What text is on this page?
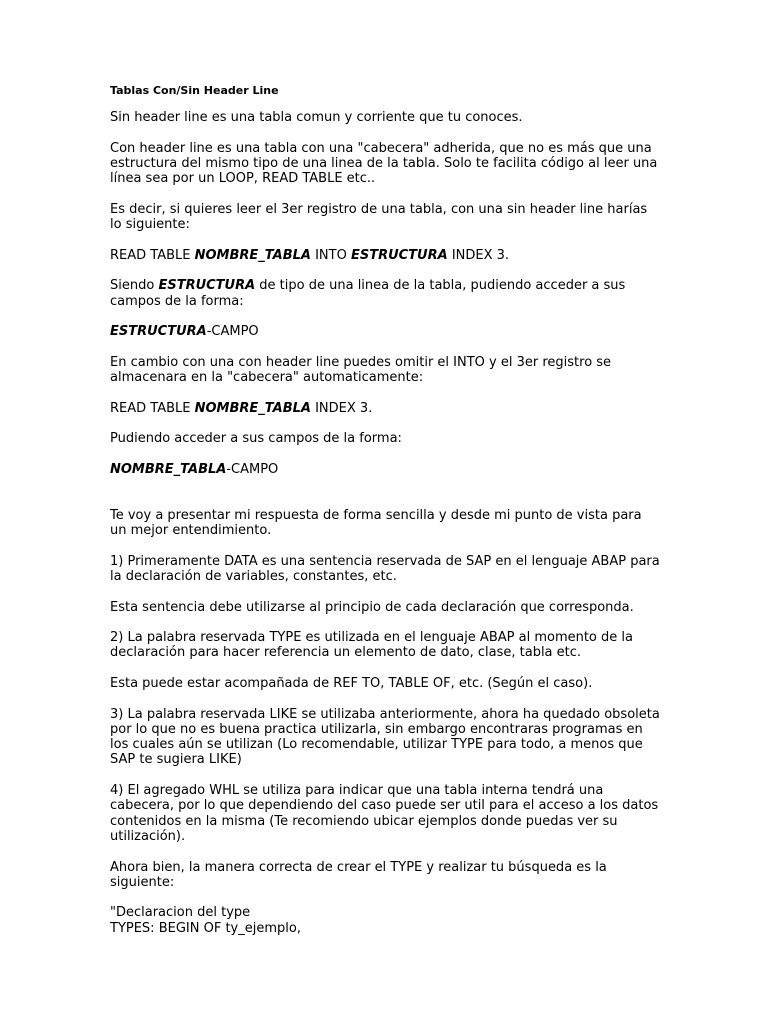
Tablas Con/Sin Header Line
Sin header line es una tabla comun y corriente que tu conoces.
Con header line es una tabla con una "cabecera" adherida, que no es más que una
estructura del mismo tipo de una linea de la tabla. Solo te facilita código al leer una
línea sea por un LOOP, READ TABLE etc..
Es decir, si quieres leer el 3er registro de una tabla, con una sin header line harías
lo siguiente:
READ TABLE NOMBRE_TABLA INTO ESTRUCTURA INDEX 3.
Siendo ESTRUCTURA de tipo de una linea de la tabla, pudiendo acceder a sus
campos de la forma:
ESTRUCTURA-CAMPO
En cambio con una con header line puedes omitir el INTO y el 3er registro se
almacenara en la "cabecera" automaticamente:
READ TABLE NOMBRE_TABLA INDEX 3.
Pudiendo acceder a sus campos de la forma:
NOMBRE_TABLA-CAMPO
Te voy a presentar mi respuesta de forma sencilla y desde mi punto de vista para
un mejor entendimiento.
1) Primeramente DATA es una sentencia reservada de SAP en el lenguaje ABAP para
la declaración de variables, constantes, etc.
Esta sentencia debe utilizarse al principio de cada declaración que corresponda.
2) La palabra reservada TYPE es utilizada en el lenguaje ABAP al momento de la
declaración para hacer referencia un elemento de dato, clase, tabla etc.
Esta puede estar acompañada de REF TO, TABLE OF, etc. (Según el caso).
3) La palabra reservada LIKE se utilizaba anteriormente, ahora ha quedado obsoleta
por lo que no es buena practica utilizarla, sin embargo encontraras programas en
los cuales aún se utilizan (Lo recomendable, utilizar TYPE para todo, a menos que
SAP te sugiera LIKE)
4) El agregado WHL se utiliza para indicar que una tabla interna tendrá una
cabecera, por lo que dependiendo del caso puede ser util para el acceso a los datos
contenidos en la misma (Te recomiendo ubicar ejemplos donde puedas ver su
utilización).
Ahora bien, la manera correcta de crear el TYPE y realizar tu búsqueda es la
siguiente:
"Declaracion del type
TYPES: BEGIN OF ty_ejemplo,
